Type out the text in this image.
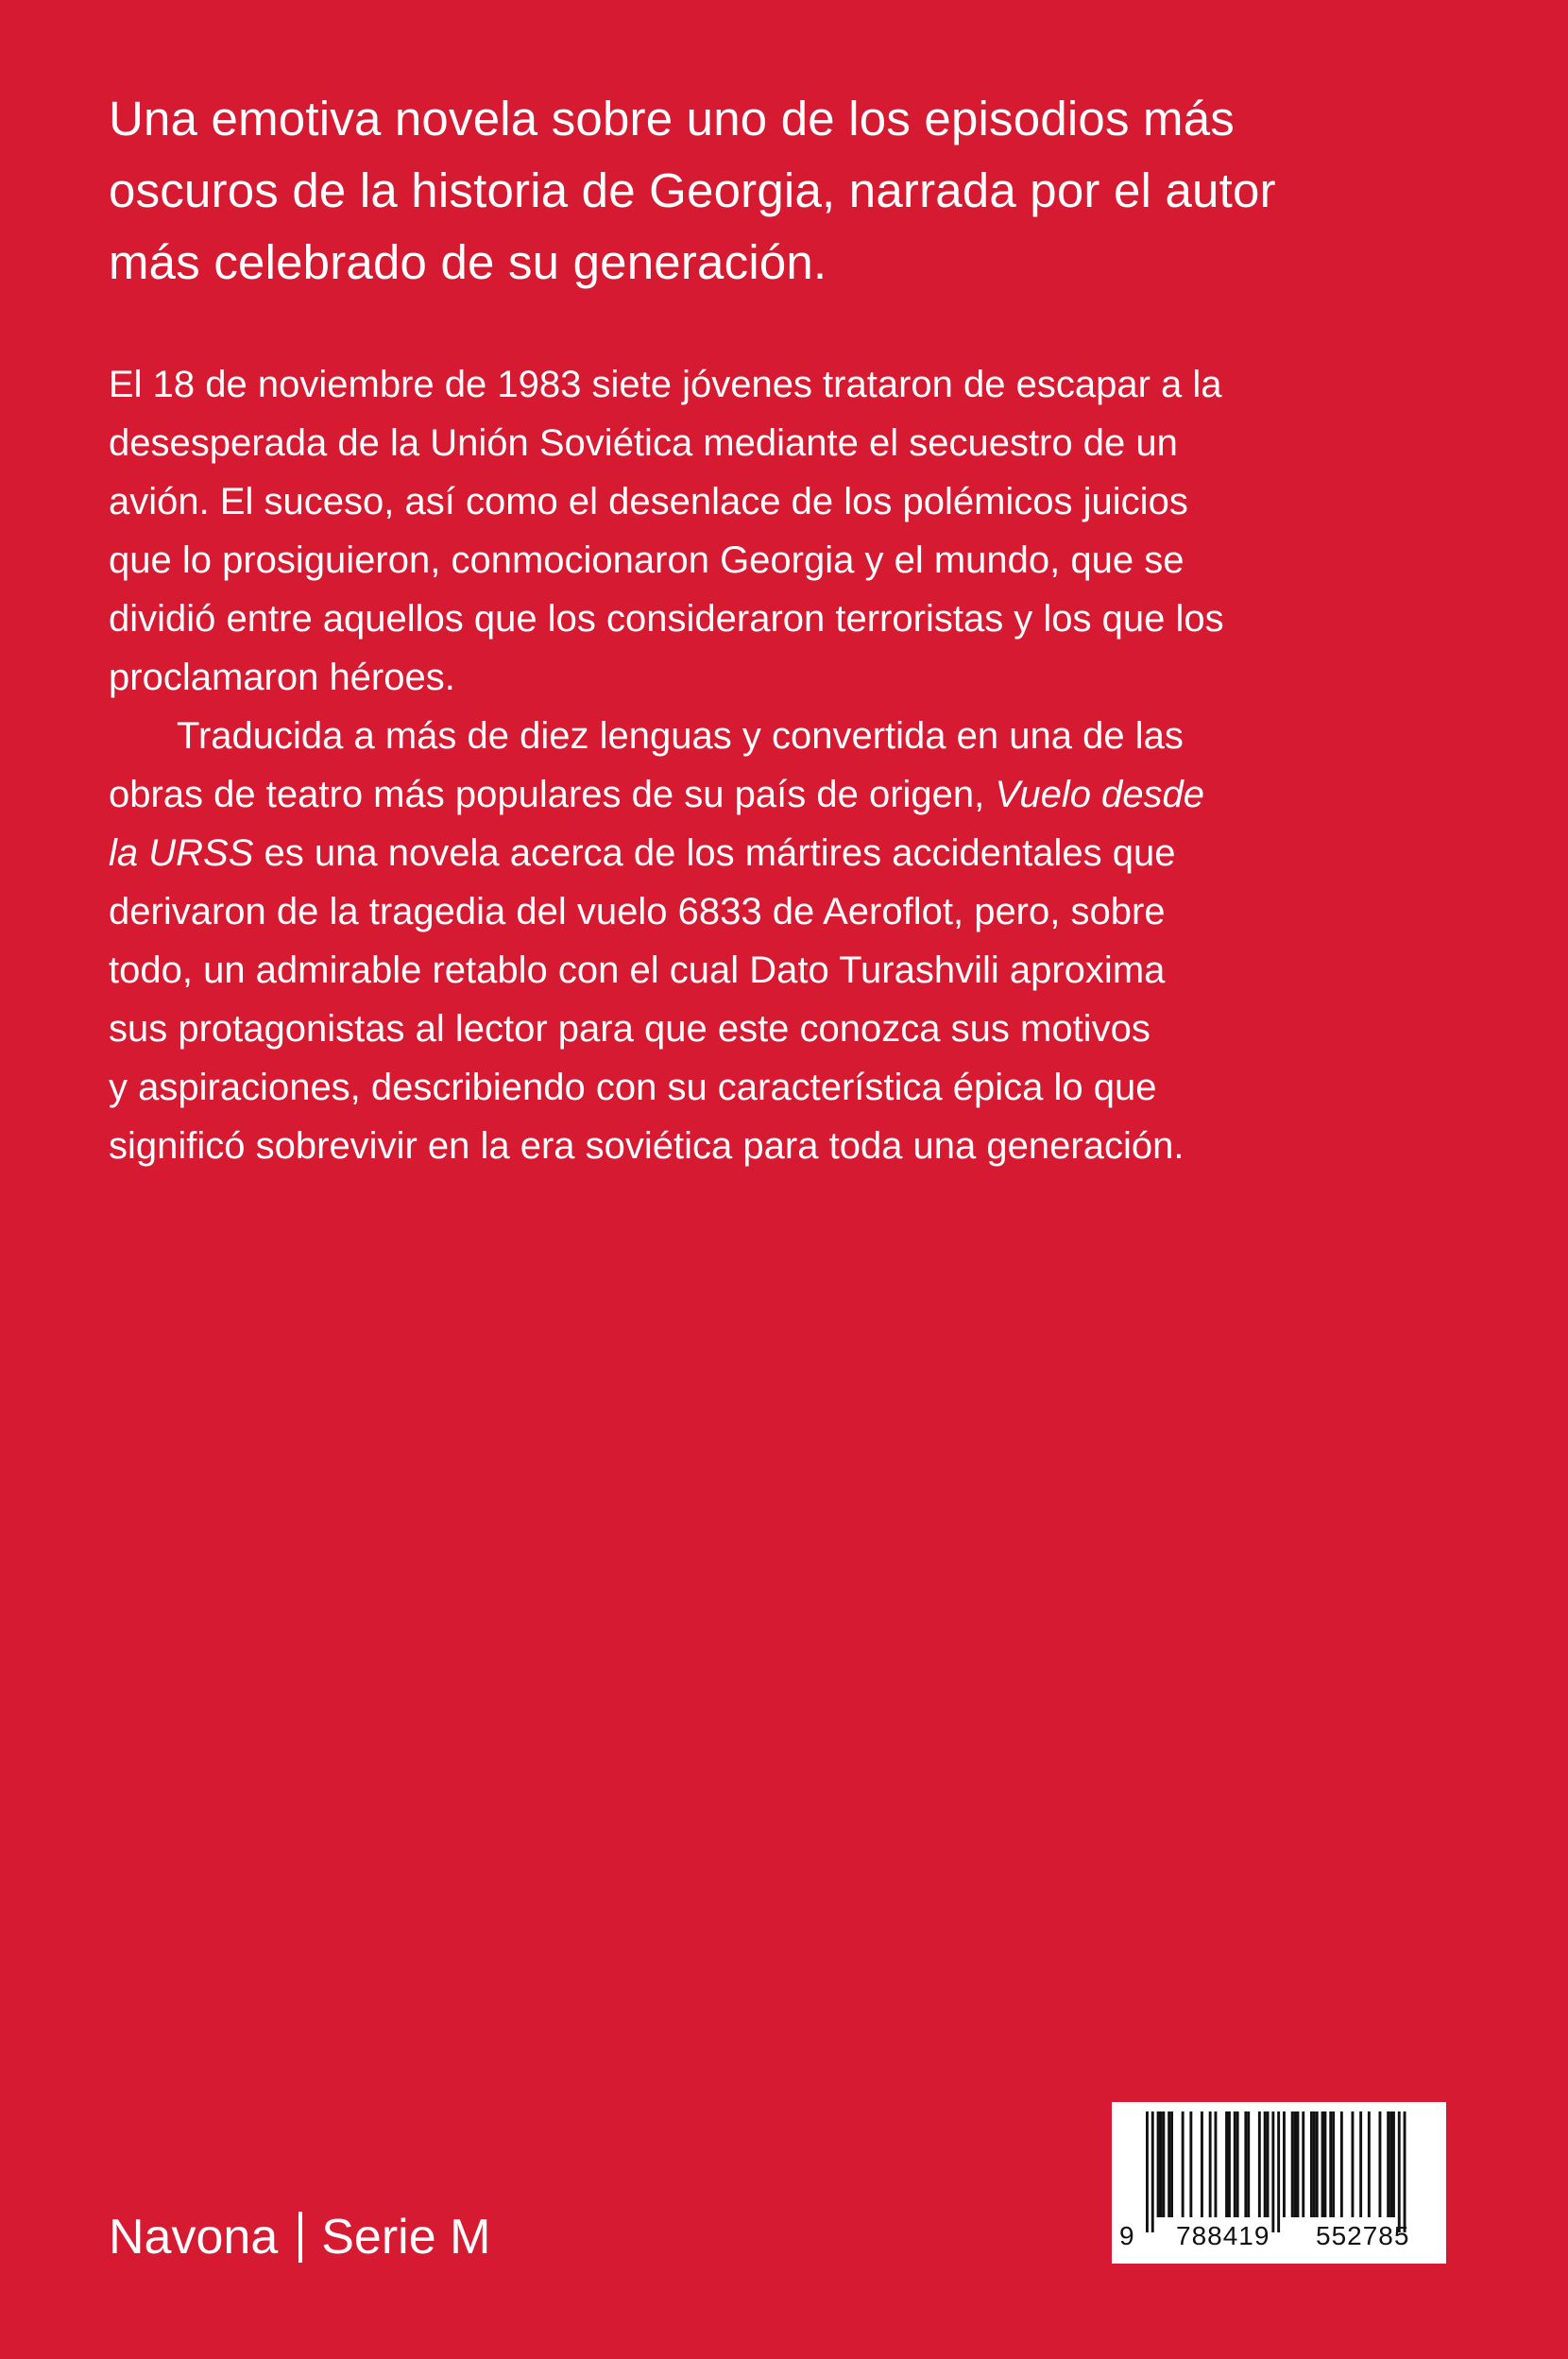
Una emotiva novela sobre uno de los episodios más
oscuros de la historia de Georgia, narrada por el autor
más celebrado de su generación.

El 18 de noviembre de 1983 siete jóvenes trataron de escapar a la
desesperada de la Unión Soviética mediante el secuestro de un
avión. El suceso, así como el desenlace de los polémicos juicios
que lo prosiguieron, conmocionaron Georgia y el mundo, que se
dividió entre aquellos que los consideraron terroristas y los que los
proclamaron héroes.

Traducida a más de diez lenguas y convertida en una de las
obras de teatro más populares de su país de origen, Vuelo desde
la URSS es una novela acerca de los mártires accidentales que
derivaron de la tragedia del vuelo 6833 de Aeroflot, pero, sobre
todo, un admirable retablo con el cual Dato Turashvili aproxima
sus protagonistas al lector para que este conozca sus motivos
y aspiraciones, describiendo con su característica épica lo que
significó sobrevivir en la era soviética para toda una generación.

Navona Serie M	9 788419 552785
